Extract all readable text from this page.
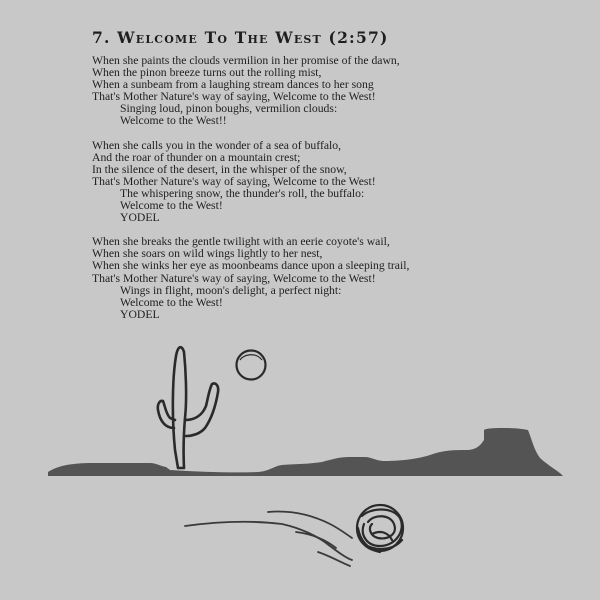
7. Welcome To The West (2:57)
When she paints the clouds vermilion in her promise of the dawn,
When the pinon breeze turns out the rolling mist,
When a sunbeam from a laughing stream dances to her song
That's Mother Nature's way of saying, Welcome to the West!
Singing loud, pinon boughs, vermilion clouds:
Welcome to the West!!
When she calls you in the wonder of a sea of buffalo,
And the roar of thunder on a mountain crest;
In the silence of the desert, in the whisper of the snow,
That's Mother Nature's way of saying, Welcome to the West!
The whispering snow, the thunder's roll, the buffalo:
Welcome to the West!
YODEL
When she breaks the gentle twilight with an eerie coyote's wail,
When she soars on wild wings lightly to her nest,
When she winks her eye as moonbeams dance upon a sleeping trail,
That's Mother Nature's way of saying, Welcome to the West!
Wings in flight, moon's delight, a perfect night:
Welcome to the West!
YODEL
